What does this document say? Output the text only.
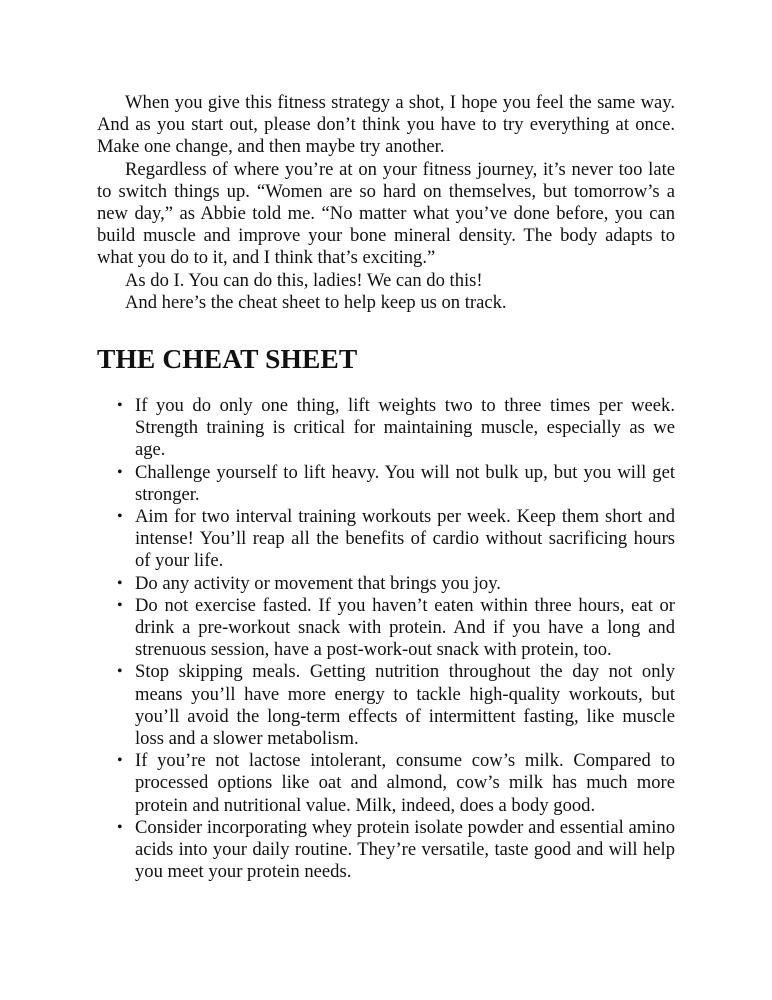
When you give this fitness strategy a shot, I hope you feel the same way. And as you start out, please don’t think you have to try everything at once. Make one change, and then maybe try another.

Regardless of where you’re at on your fitness journey, it’s never too late to switch things up. “Women are so hard on themselves, but tomorrow’s a new day,” as Abbie told me. “No matter what you’ve done before, you can build muscle and improve your bone mineral density. The body adapts to what you do to it, and I think that’s exciting.”

As do I. You can do this, ladies! We can do this!

And here’s the cheat sheet to help keep us on track.

THE CHEAT SHEET
• If you do only one thing, lift weights two to three times per week. Strength training is critical for maintaining muscle, especially as we age.
• Challenge yourself to lift heavy. You will not bulk up, but you will get stronger.
• Aim for two interval training workouts per week. Keep them short and intense! You’ll reap all the benefits of cardio without sacrificing hours of your life.
• Do any activity or movement that brings you joy.
• Do not exercise fasted. If you haven’t eaten within three hours, eat or drink a pre-workout snack with protein. And if you have a long and strenuous session, have a post-work-out snack with protein, too.
• Stop skipping meals. Getting nutrition throughout the day not only means you’ll have more energy to tackle high-quality workouts, but you’ll avoid the long-term effects of intermittent fasting, like muscle loss and a slower metabolism.
• If you’re not lactose intolerant, consume cow’s milk. Compared to processed options like oat and almond, cow’s milk has much more protein and nutritional value. Milk, indeed, does a body good.
• Consider incorporating whey protein isolate powder and essential amino acids into your daily routine. They’re versatile, taste good and will help you meet your protein needs.
